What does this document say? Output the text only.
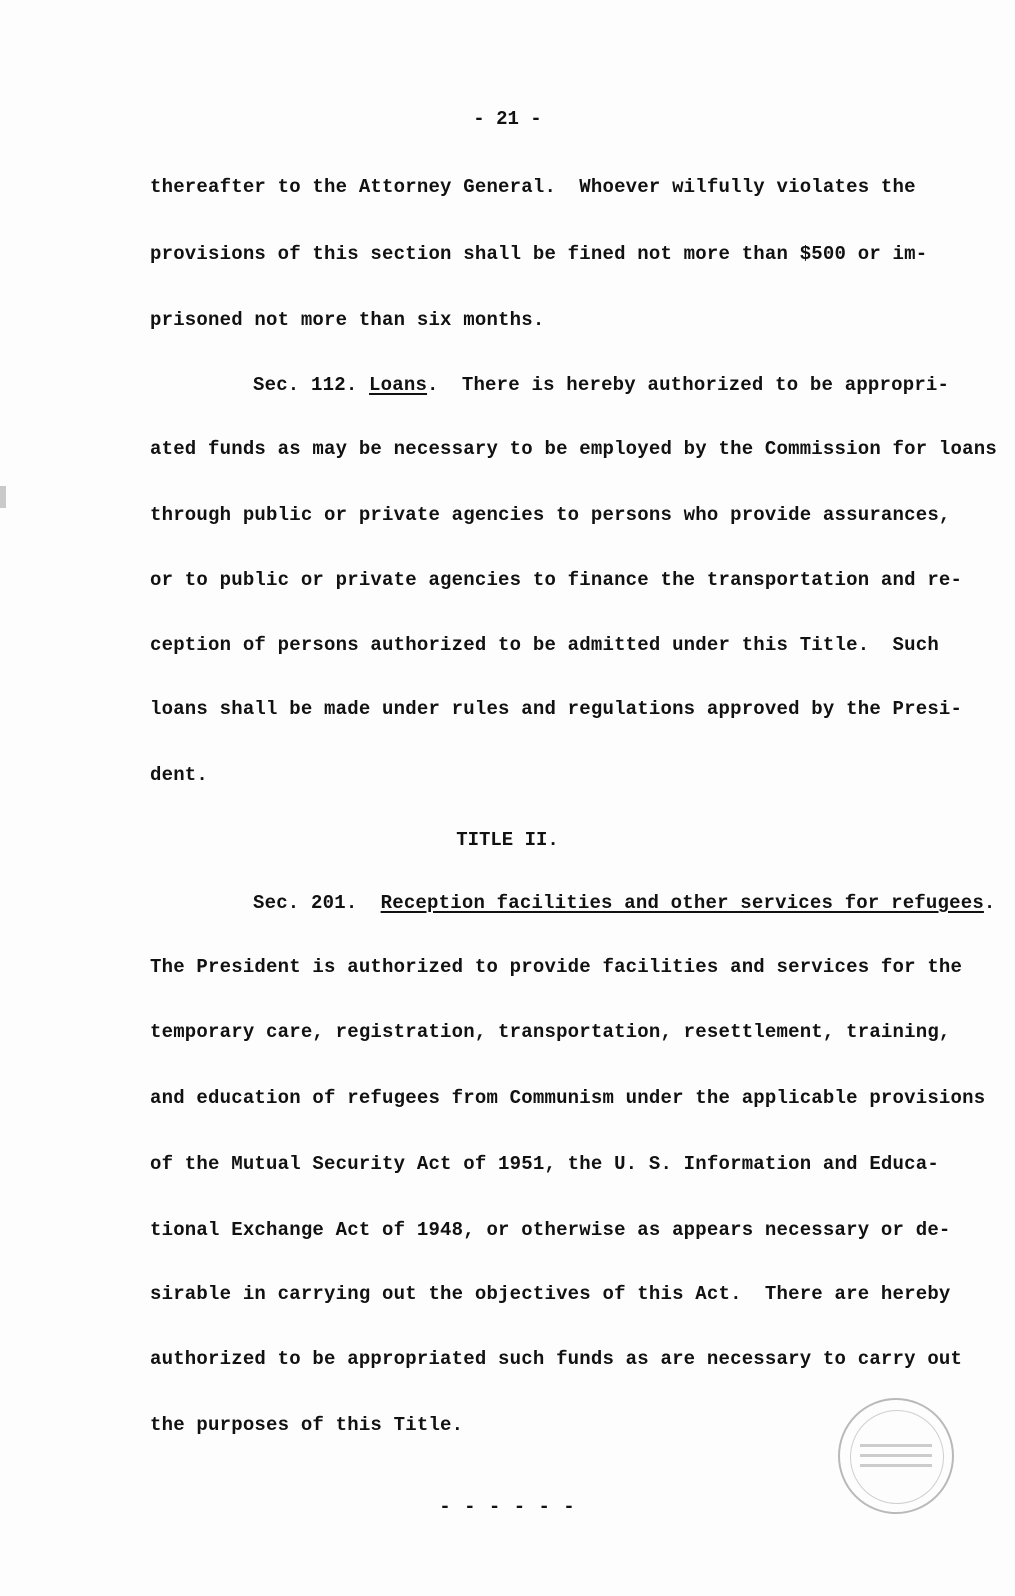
- 21 -
thereafter to the Attorney General.  Whoever wilfully violates the
provisions of this section shall be fined not more than $500 or im-
prisoned not more than six months.
Sec. 112. Loans.  There is hereby authorized to be appropri-
ated funds as may be necessary to be employed by the Commission for loans
through public or private agencies to persons who provide assurances,
or to public or private agencies to finance the transportation and re-
ception of persons authorized to be admitted under this Title.  Such
loans shall be made under rules and regulations approved by the Presi-
dent.
TITLE II.
Sec. 201.  Reception facilities and other services for refugees.
The President is authorized to provide facilities and services for the
temporary care, registration, transportation, resettlement, training,
and education of refugees from Communism under the applicable provisions
of the Mutual Security Act of 1951, the U. S. Information and Educa-
tional Exchange Act of 1948, or otherwise as appears necessary or de-
sirable in carrying out the objectives of this Act.  There are hereby
authorized to be appropriated such funds as are necessary to carry out
the purposes of this Title.
- - - - - -
